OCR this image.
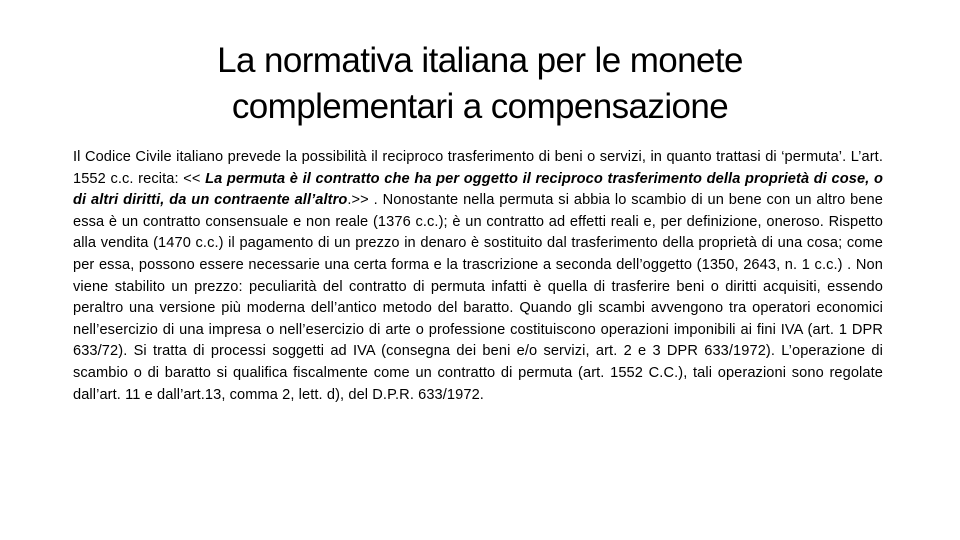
La normativa italiana per le monete
complementari a compensazione
Il Codice Civile italiano prevede la possibilità il reciproco trasferimento di beni o servizi, in quanto trattasi di ‘permuta’. L’art. 1552 c.c. recita: << La permuta è il contratto che ha per oggetto il reciproco trasferimento della proprietà di cose, o di altri diritti, da un contraente all’altro.>> . Nonostante nella permuta si abbia lo scambio di un bene con un altro bene essa è un contratto consensuale e non reale (1376 c.c.); è un contratto ad effetti reali e, per definizione, oneroso. Rispetto alla vendita (1470 c.c.) il pagamento di un prezzo in denaro è sostituito dal trasferimento della proprietà di una cosa; come per essa, possono essere necessarie una certa forma e la trascrizione a seconda dell’oggetto (1350, 2643, n. 1 c.c.) . Non viene stabilito un prezzo: peculiarità del contratto di permuta infatti è quella di trasferire beni o diritti acquisiti, essendo peraltro una versione più moderna dell’antico metodo del baratto. Quando gli scambi avvengono tra operatori economici nell’esercizio di una impresa o nell’esercizio di arte o professione costituiscono operazioni imponibili ai fini IVA (art. 1 DPR 633/72). Si tratta di processi soggetti ad IVA (consegna dei beni e/o servizi, art. 2 e 3 DPR 633/1972). L’operazione di scambio o di baratto si qualifica fiscalmente come un contratto di permuta (art. 1552 C.C.), tali operazioni sono regolate dall’art. 11 e dall’art.13, comma 2, lett. d), del D.P.R. 633/1972.
